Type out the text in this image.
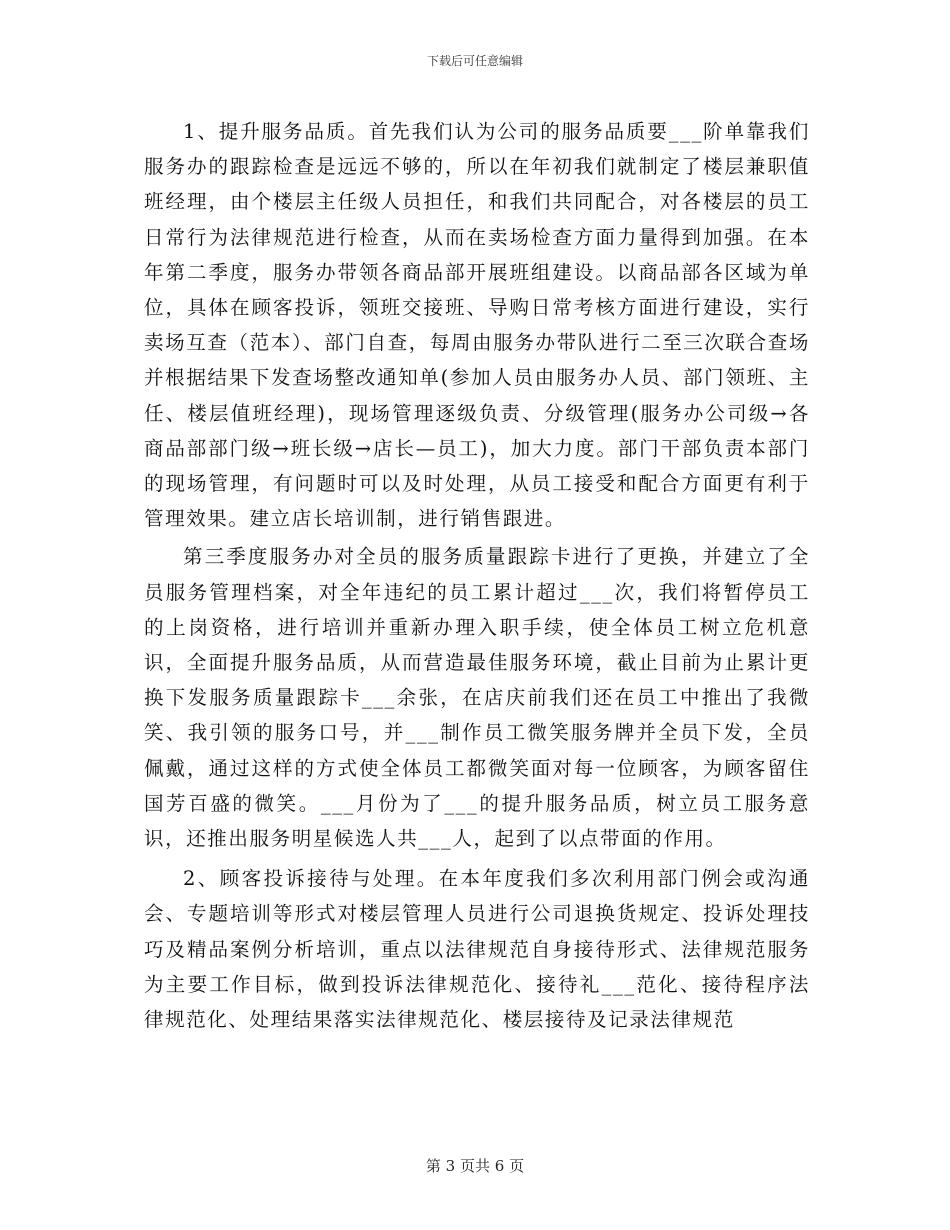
下载后可任意编辑

1、提升服务品质。首先我们认为公司的服务品质要___阶单靠我们服务办的跟踪检查是远远不够的，所以在年初我们就制定了楼层兼职值班经理，由个楼层主任级人员担任，和我们共同配合，对各楼层的员工日常行为法律规范进行检查，从而在卖场检查方面力量得到加强。在本年第二季度，服务办带领各商品部开展班组建设。以商品部各区域为单位，具体在顾客投诉，领班交接班、导购日常考核方面进行建设，实行卖场互查（范本）、部门自查，每周由服务办带队进行二至三次联合查场并根据结果下发查场整改通知单(参加人员由服务办人员、部门领班、主任、楼层值班经理)，现场管理逐级负责、分级管理(服务办公司级→各商品部部门级→班长级→店长—员工)，加大力度。部门干部负责本部门的现场管理，有问题时可以及时处理，从员工接受和配合方面更有利于管理效果。建立店长培训制，进行销售跟进。

第三季度服务办对全员的服务质量跟踪卡进行了更换，并建立了全员服务管理档案，对全年违纪的员工累计超过___次，我们将暂停员工的上岗资格，进行培训并重新办理入职手续，使全体员工树立危机意识，全面提升服务品质，从而营造最佳服务环境，截止目前为止累计更换下发服务质量跟踪卡___余张，在店庆前我们还在员工中推出了我微笑、我引领的服务口号，并___制作员工微笑服务牌并全员下发，全员佩戴，通过这样的方式使全体员工都微笑面对每一位顾客，为顾客留住国芳百盛的微笑。___月份为了___的提升服务品质，树立员工服务意识，还推出服务明星候选人共___人，起到了以点带面的作用。

2、顾客投诉接待与处理。在本年度我们多次利用部门例会或沟通会、专题培训等形式对楼层管理人员进行公司退换货规定、投诉处理技巧及精品案例分析培训，重点以法律规范自身接待形式、法律规范服务为主要工作目标，做到投诉法律规范化、接待礼___范化、接待程序法律规范化、处理结果落实法律规范化、楼层接待及记录法律规范

第 3 页共 6 页
